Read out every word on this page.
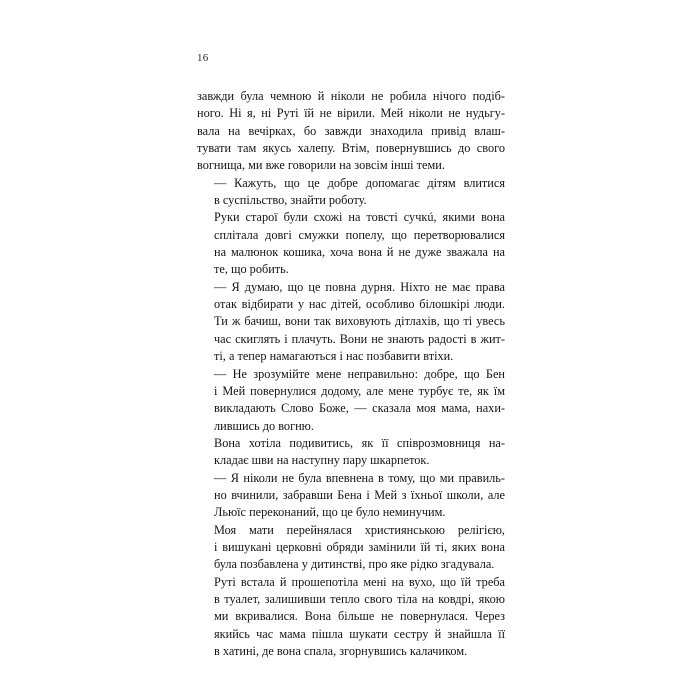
16

завжди була чемною й ніколи не робила нічого подіб-
ного. Ні я, ні Руті їй не вірили. Мей ніколи не нудьгу-
вала на вечірках, бо завжди знаходила привід влаш-
тувати там якусь халепу. Втім, повернувшись до свого
вогнища, ми вже говорили на зовсім інші теми.

— Кажуть, що це добре допомагає дітям влитися
в суспільство, знайти роботу.

Руки старої були схожі на товсті сучкú, якими вона
сплітала довгі смужки попелу, що перетворювалися
на малюнок кошика, хоча вона й не дуже зважала на
те, що робить.

— Я думаю, що це повна дурня. Ніхто не має права
отак відбирати у нас дітей, особливо білошкірі люди.
Ти ж бачиш, вони так виховують дітлахів, що ті увесь
час скиглять і плачуть. Вони не знають радості в жит-
ті, а тепер намагаються і нас позбавити втіхи.

— Не зрозумійте мене неправильно: добре, що Бен
і Мей повернулися додому, але мене турбує те, як їм
викладають Слово Боже, — сказала моя мама, нахи-
лившись до вогню.

Вона хотіла подивитись, як її співрозмовниця на-
кладає шви на наступну пару шкарпеток.

— Я ніколи не була впевнена в тому, що ми правиль-
но вчинили, забравши Бена і Мей з їхньої школи, але
Льюїс переконаний, що це було неминучим.

Моя мати перейнялася християнською релігією,
і вишукані церковні обряди замінили їй ті, яких вона
була позбавлена у дитинстві, про яке рідко згадувала.

Руті встала й прошепотіла мені на вухо, що їй треба
в туалет, залишивши тепло свого тіла на ковдрі, якою
ми вкривалися. Вона більше не повернулася. Через
якийсь час мама пішла шукати сестру й знайшла її
в хатині, де вона спала, згорнувшись калачиком.
